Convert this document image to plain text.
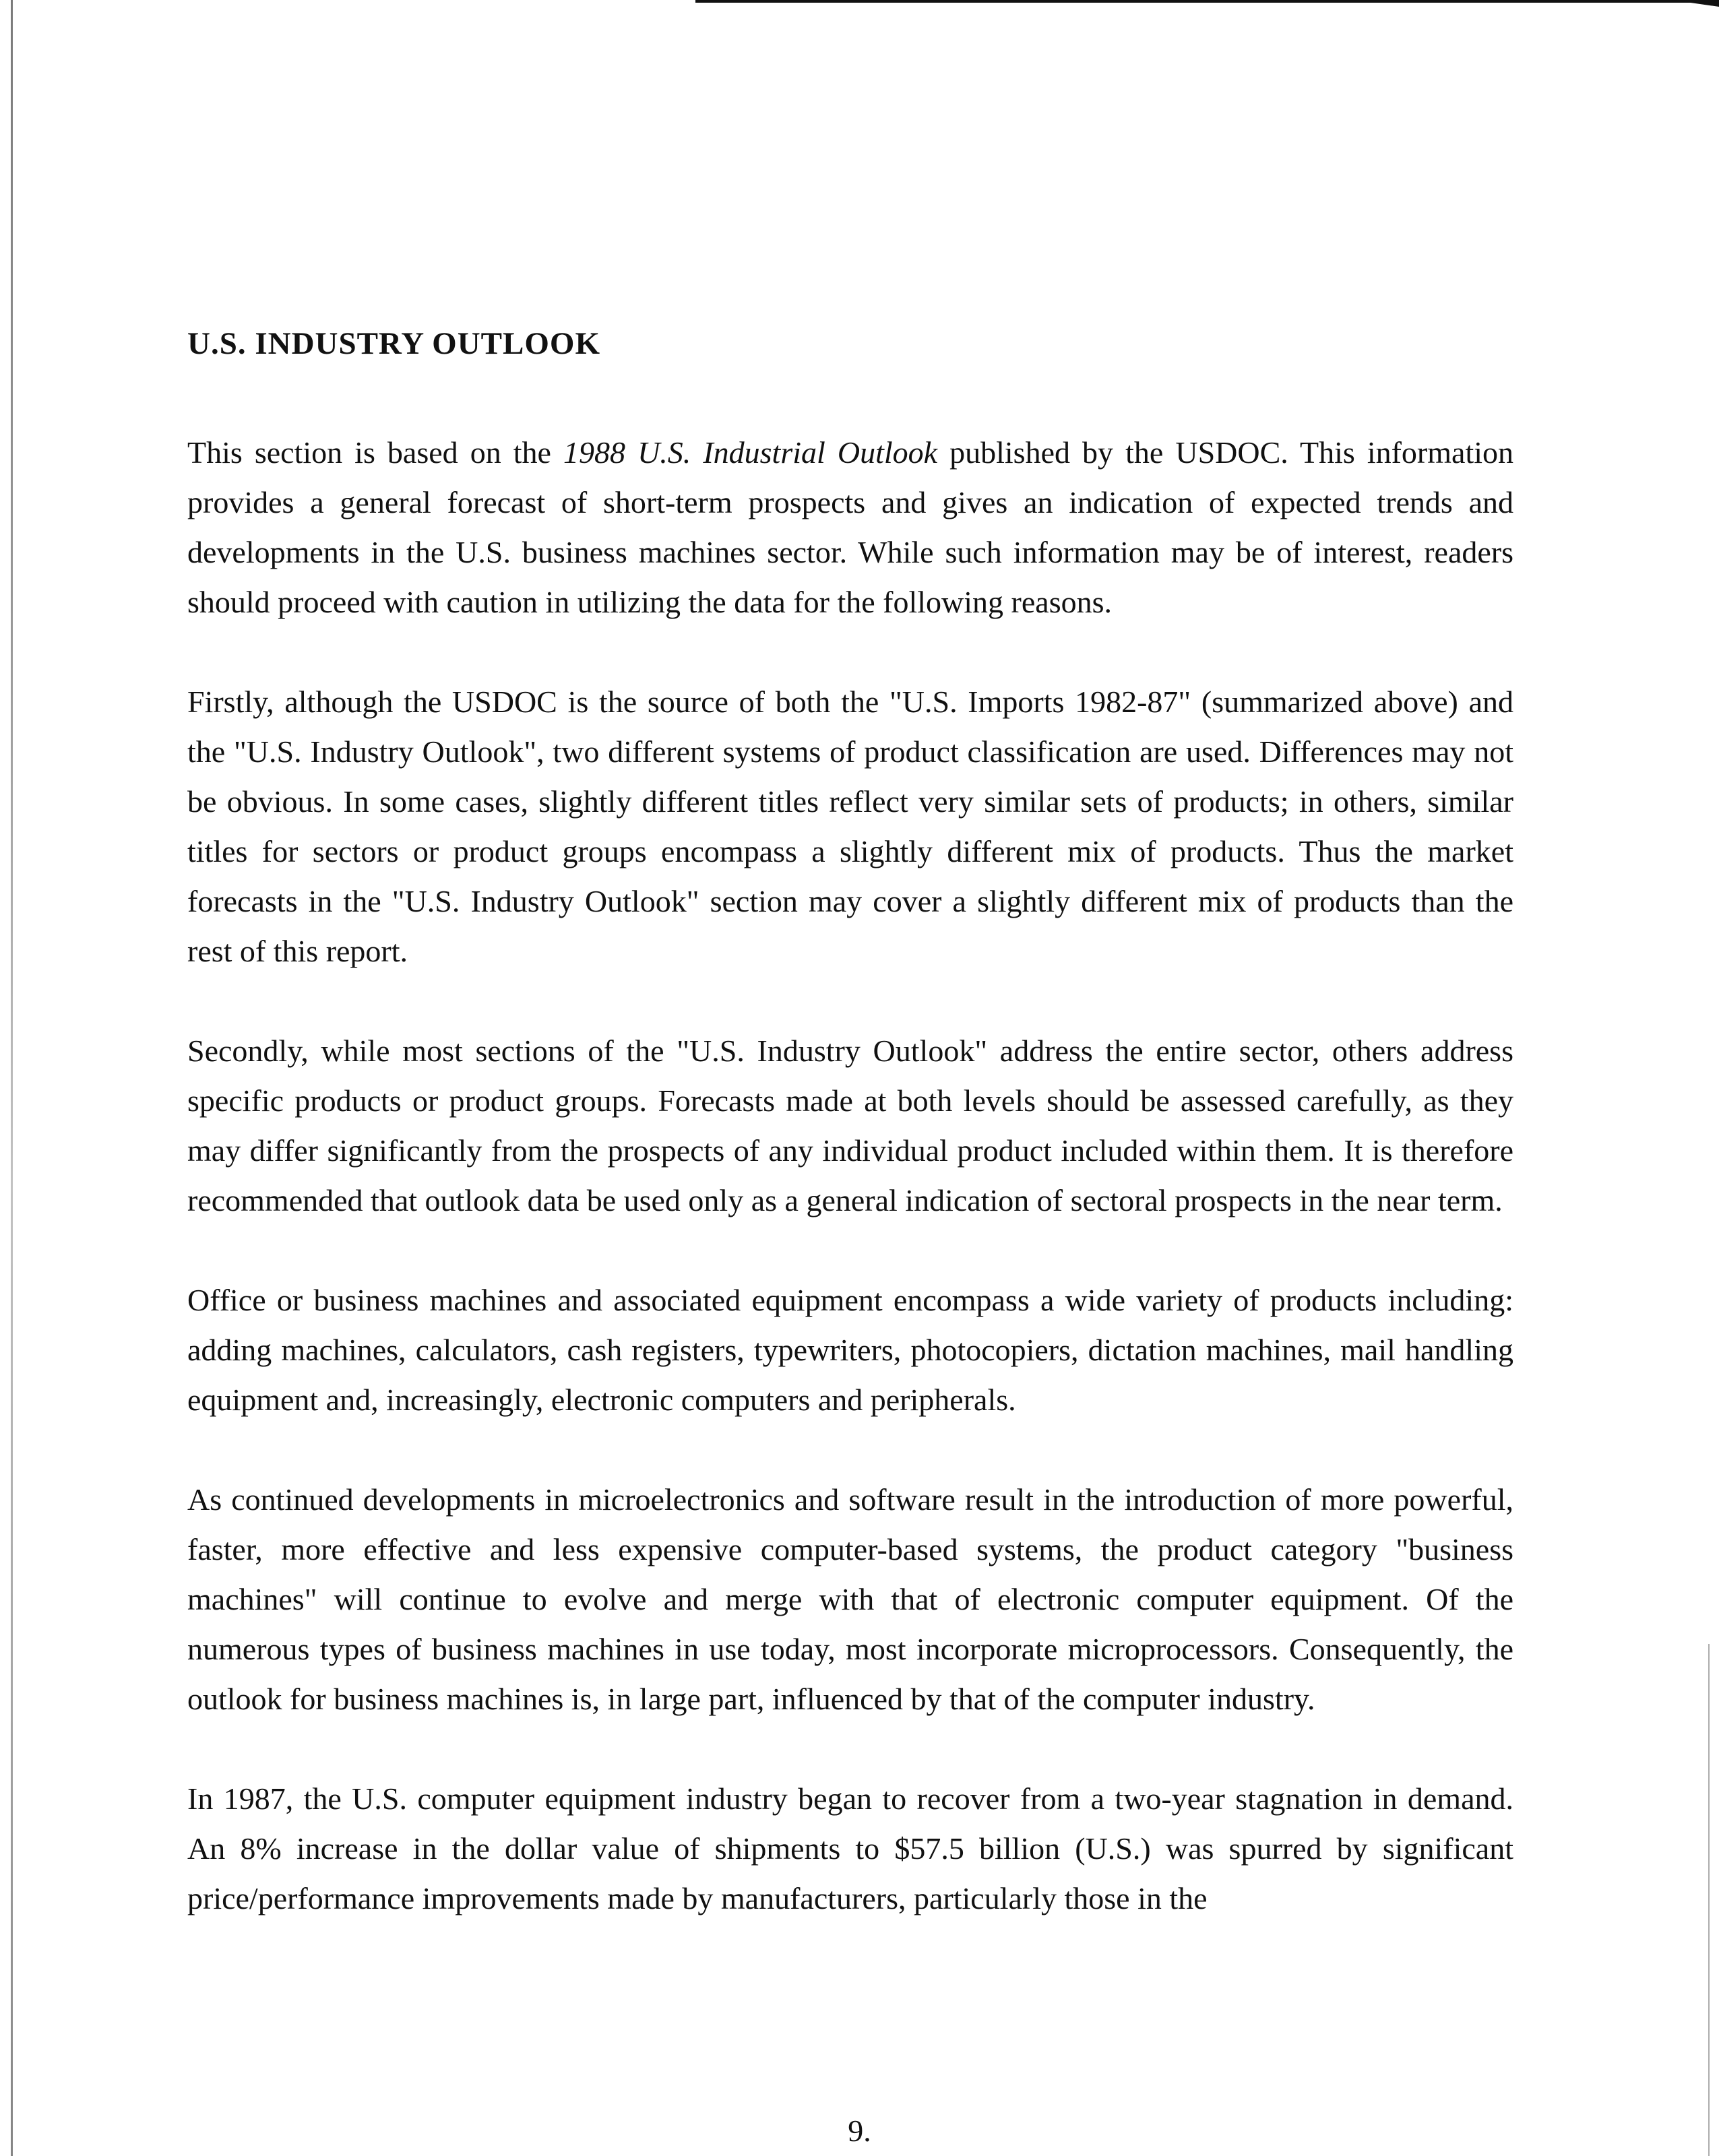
U.S. INDUSTRY OUTLOOK

This section is based on the 1988 U.S. Industrial Outlook published by the USDOC. This information provides a general forecast of short-term prospects and gives an indication of expected trends and developments in the U.S. business machines sector. While such information may be of interest, readers should proceed with caution in utilizing the data for the following reasons.

Firstly, although the USDOC is the source of both the "U.S. Imports 1982-87" (summarized above) and the "U.S. Industry Outlook", two different systems of product classification are used. Differences may not be obvious. In some cases, slightly different titles reflect very similar sets of products; in others, similar titles for sectors or product groups encompass a slightly different mix of products. Thus the market forecasts in the "U.S. Industry Outlook" section may cover a slightly different mix of products than the rest of this report.

Secondly, while most sections of the "U.S. Industry Outlook" address the entire sector, others address specific products or product groups. Forecasts made at both levels should be assessed carefully, as they may differ significantly from the prospects of any individual product included within them. It is therefore recommended that outlook data be used only as a general indication of sectoral prospects in the near term.

Office or business machines and associated equipment encompass a wide variety of products including: adding machines, calculators, cash registers, typewriters, photocopiers, dictation machines, mail handling equipment and, increasingly, electronic computers and peripherals.

As continued developments in microelectronics and software result in the introduction of more powerful, faster, more effective and less expensive computer-based systems, the product category "business machines" will continue to evolve and merge with that of electronic computer equipment. Of the numerous types of business machines in use today, most incorporate microprocessors. Consequently, the outlook for business machines is, in large part, influenced by that of the computer industry.

In 1987, the U.S. computer equipment industry began to recover from a two-year stagnation in demand. An 8% increase in the dollar value of shipments to $57.5 billion (U.S.) was spurred by significant price/performance improvements made by manufacturers, particularly those in the

9.
